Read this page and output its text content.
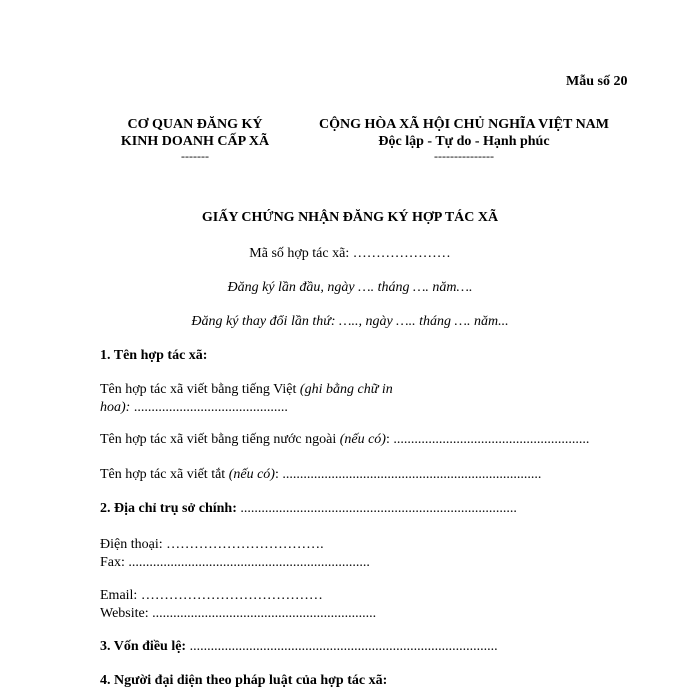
Mẫu số 20
CƠ QUAN ĐĂNG KÝ
KINH DOANH CẤP XÃ
-------
CỘNG HÒA XÃ HỘI CHỦ NGHĨA VIỆT NAM
Độc lập - Tự do - Hạnh phúc
---------------
GIẤY CHỨNG NHẬN ĐĂNG KÝ HỢP TÁC XÃ
Mã số hợp tác xã: …………………
Đăng ký lần đầu, ngày …. tháng …. năm….
Đăng ký thay đổi lần thứ: ….., ngày ….. tháng …. năm...
1. Tên hợp tác xã:
Tên hợp tác xã viết bằng tiếng Việt (ghi bằng chữ in
hoa): ............................................
Tên hợp tác xã viết bằng tiếng nước ngoài (nếu có): ........................................................
Tên hợp tác xã viết tắt (nếu có): ..........................................................................
2. Địa chỉ trụ sở chính: ...............................................................................
Điện thoại: …………………………….
Fax: .....................................................................
Email: …………………………………
Website: ................................................................
3. Vốn điều lệ: ........................................................................................
4. Người đại diện theo pháp luật của hợp tác xã:
